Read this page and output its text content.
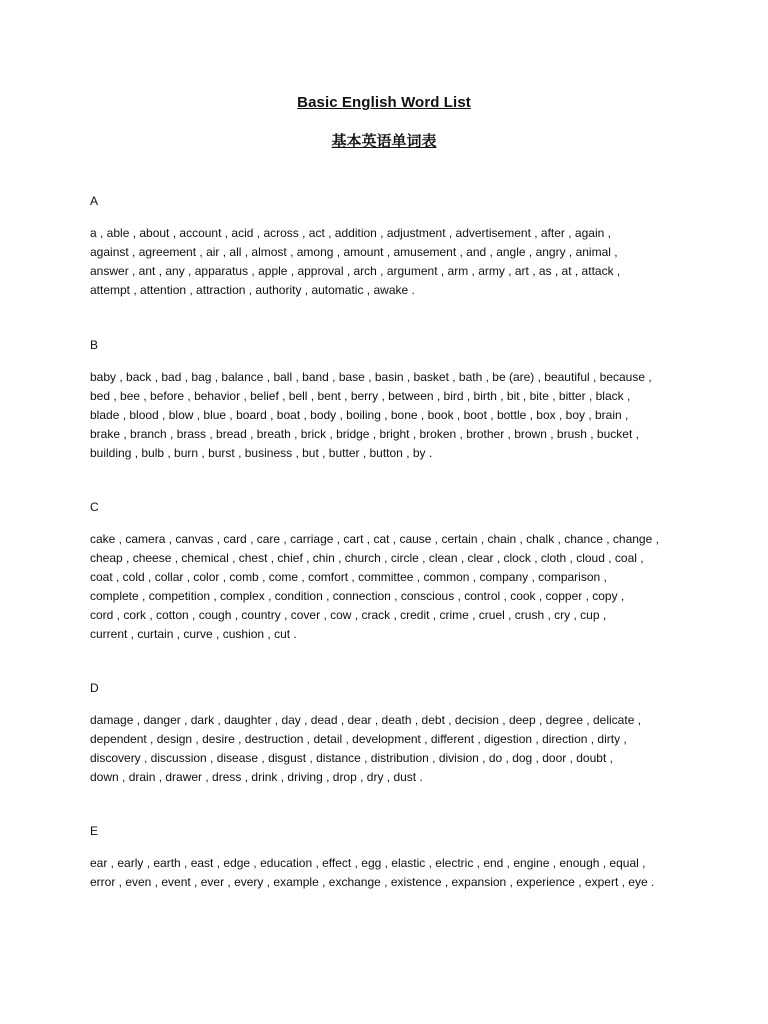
Basic English Word List
基本英语单词表
A
a , able , about , account , acid , across , act , addition , adjustment , advertisement , after , again ,
against , agreement , air , all , almost , among , amount , amusement , and , angle , angry , animal ,
answer , ant , any , apparatus , apple , approval , arch , argument , arm , army , art , as , at , attack ,
attempt , attention , attraction , authority , automatic , awake .
B
baby , back , bad , bag , balance , ball , band , base , basin , basket , bath , be (are) , beautiful , because ,
bed , bee , before , behavior , belief , bell , bent , berry , between , bird , birth , bit , bite , bitter , black ,
blade , blood , blow , blue , board , boat , body , boiling , bone , book , boot , bottle , box , boy , brain ,
brake , branch , brass , bread , breath , brick , bridge , bright , broken , brother , brown , brush , bucket ,
building , bulb , burn , burst , business , but , butter , button , by .
C
cake , camera , canvas , card , care , carriage , cart , cat , cause , certain , chain , chalk , chance , change ,
cheap , cheese , chemical , chest , chief , chin , church , circle , clean , clear , clock , cloth , cloud , coal ,
coat , cold , collar , color , comb , come , comfort , committee , common , company , comparison ,
complete , competition , complex , condition , connection , conscious , control , cook , copper , copy ,
cord , cork , cotton , cough , country , cover , cow , crack , credit , crime , cruel , crush , cry , cup ,
current , curtain , curve , cushion , cut .
D
damage , danger , dark , daughter , day , dead , dear , death , debt , decision , deep , degree , delicate ,
dependent , design , desire , destruction , detail , development , different , digestion , direction , dirty ,
discovery , discussion , disease , disgust , distance , distribution , division , do , dog , door , doubt ,
down , drain , drawer , dress , drink , driving , drop , dry , dust .
E
ear , early , earth , east , edge , education , effect , egg , elastic , electric , end , engine , enough , equal ,
error , even , event , ever , every , example , exchange , existence , expansion , experience , expert , eye .
